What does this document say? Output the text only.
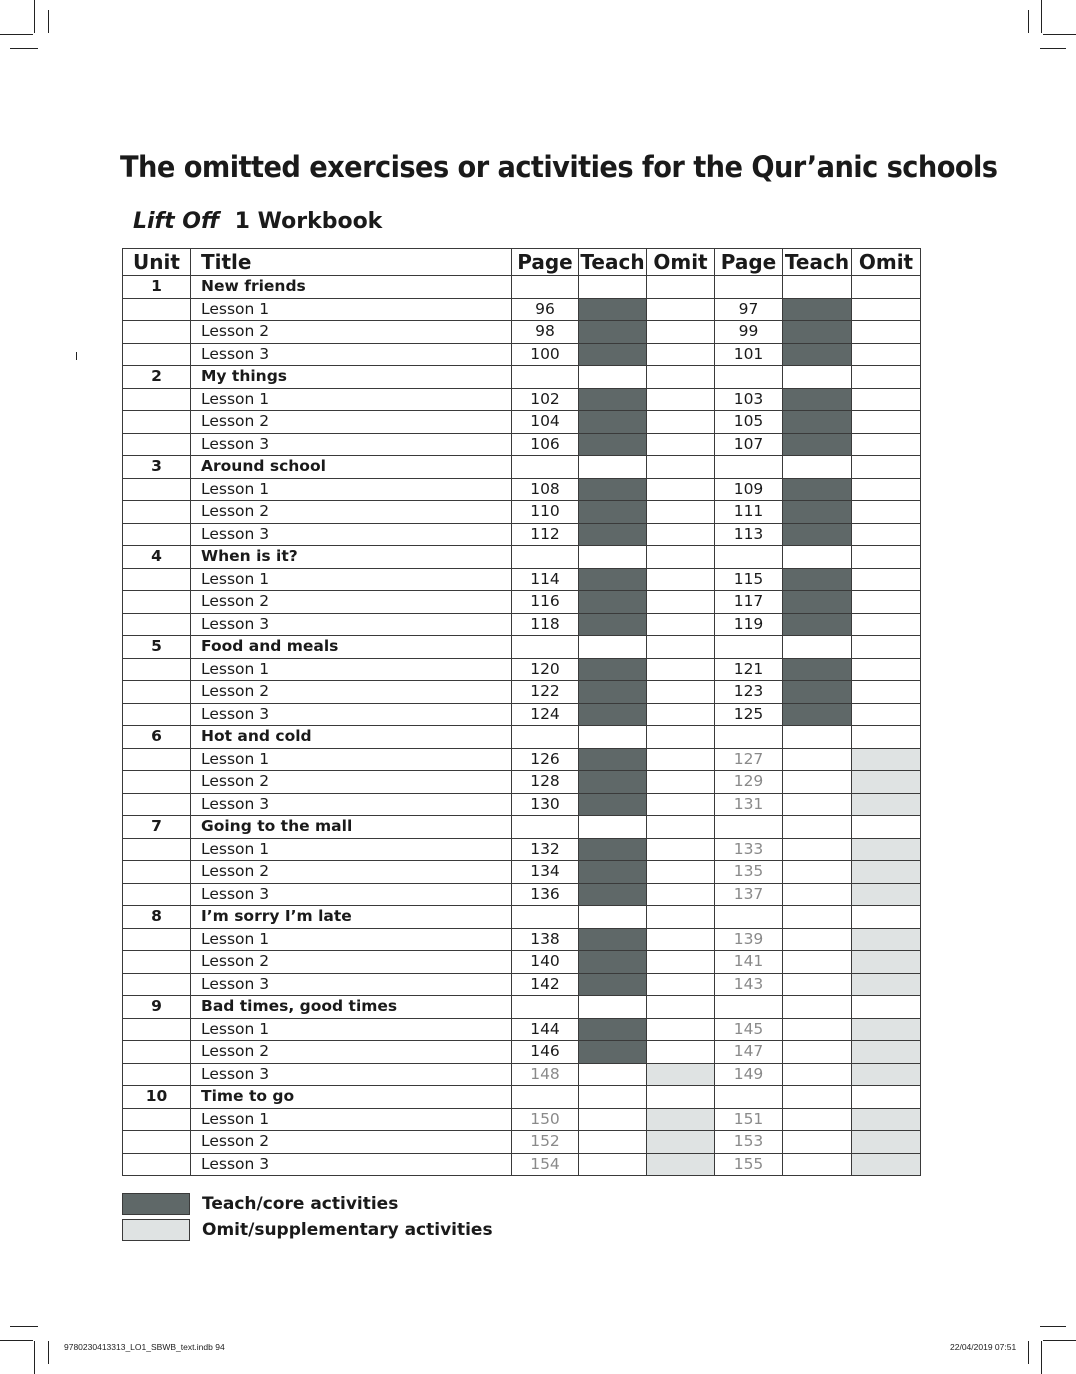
The omitted exercises or activities for the Qur’anic schools
Lift Off 1 Workbook
Unit	Title	Page	Teach	Omit	Page	Teach	Omit
1	New friends						
	Lesson 1	96			97		
	Lesson 2	98			99		
	Lesson 3	100			101		
2	My things						
	Lesson 1	102			103		
	Lesson 2	104			105		
	Lesson 3	106			107		
3	Around school						
	Lesson 1	108			109		
	Lesson 2	110			111		
	Lesson 3	112			113		
4	When is it?						
	Lesson 1	114			115		
	Lesson 2	116			117		
	Lesson 3	118			119		
5	Food and meals						
	Lesson 1	120			121		
	Lesson 2	122			123		
	Lesson 3	124			125		
6	Hot and cold						
	Lesson 1	126			127		
	Lesson 2	128			129		
	Lesson 3	130			131		
7	Going to the mall						
	Lesson 1	132			133		
	Lesson 2	134			135		
	Lesson 3	136			137		
8	I’m sorry I’m late						
	Lesson 1	138			139		
	Lesson 2	140			141		
	Lesson 3	142			143		
9	Bad times, good times						
	Lesson 1	144			145		
	Lesson 2	146			147		
	Lesson 3	148			149		
10	Time to go						
	Lesson 1	150			151		
	Lesson 2	152			153		
	Lesson 3	154			155		
Teach/core activities
Omit/supplementary activities
9780230413313_LO1_SBWB_text.indb 94	22/04/2019 07:51
